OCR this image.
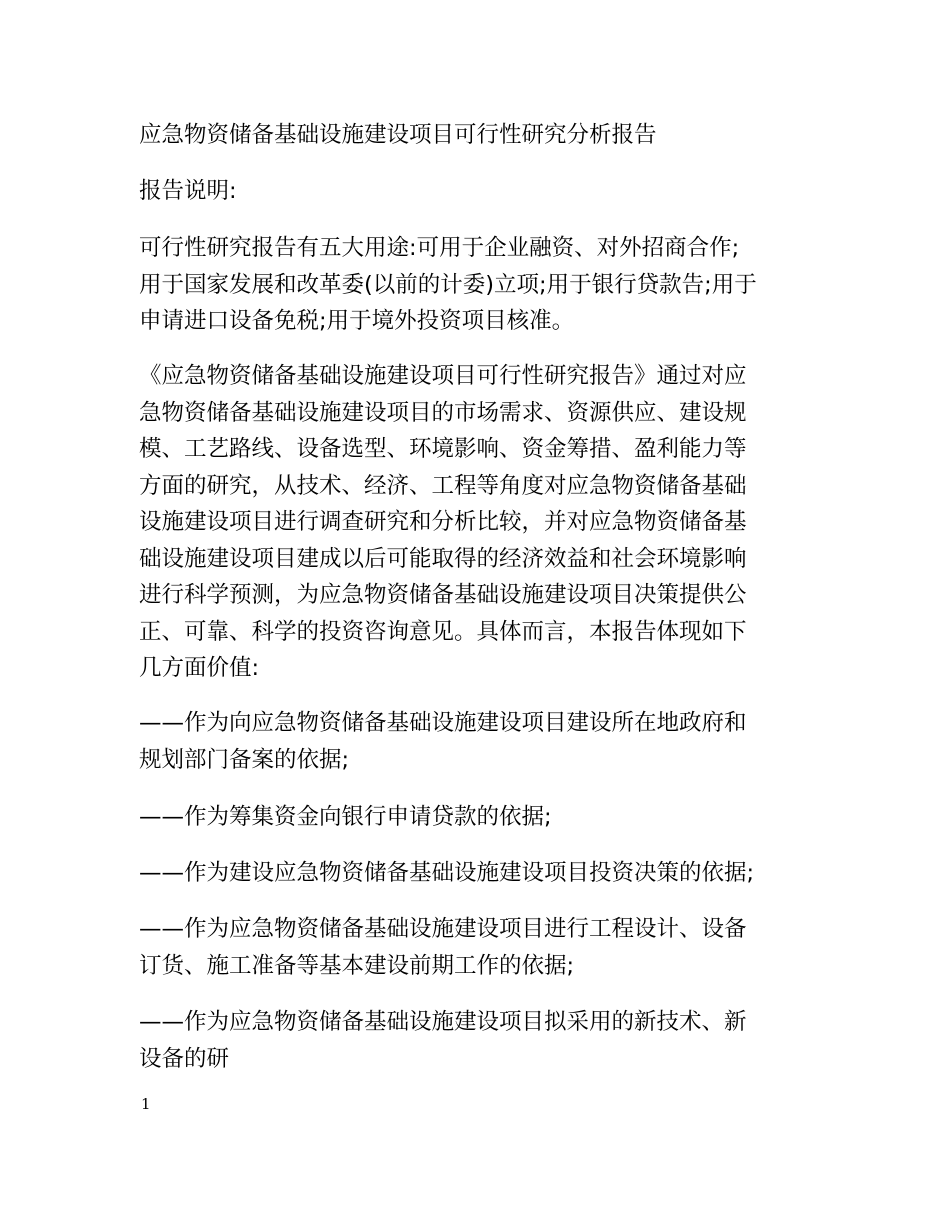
应急物资储备基础设施建设项目可行性研究分析报告

报告说明:

可行性研究报告有五大用途:可用于企业融资、对外招商合作;
用于国家发展和改革委(以前的计委)立项;用于银行贷款告;用于
申请进口设备免税;用于境外投资项目核准。

《应急物资储备基础设施建设项目可行性研究报告》通过对应
急物资储备基础设施建设项目的市场需求、资源供应、建设规
模、工艺路线、设备选型、环境影响、资金筹措、盈利能力等
方面的研究，从技术、经济、工程等角度对应急物资储备基础
设施建设项目进行调查研究和分析比较，并对应急物资储备基
础设施建设项目建成以后可能取得的经济效益和社会环境影响
进行科学预测，为应急物资储备基础设施建设项目决策提供公
正、可靠、科学的投资咨询意见。具体而言，本报告体现如下
几方面价值:

——作为向应急物资储备基础设施建设项目建设所在地政府和
规划部门备案的依据;

——作为筹集资金向银行申请贷款的依据;

——作为建设应急物资储备基础设施建设项目投资决策的依据;

——作为应急物资储备基础设施建设项目进行工程设计、设备
订货、施工准备等基本建设前期工作的依据;

——作为应急物资储备基础设施建设项目拟采用的新技术、新
设备的研

1
